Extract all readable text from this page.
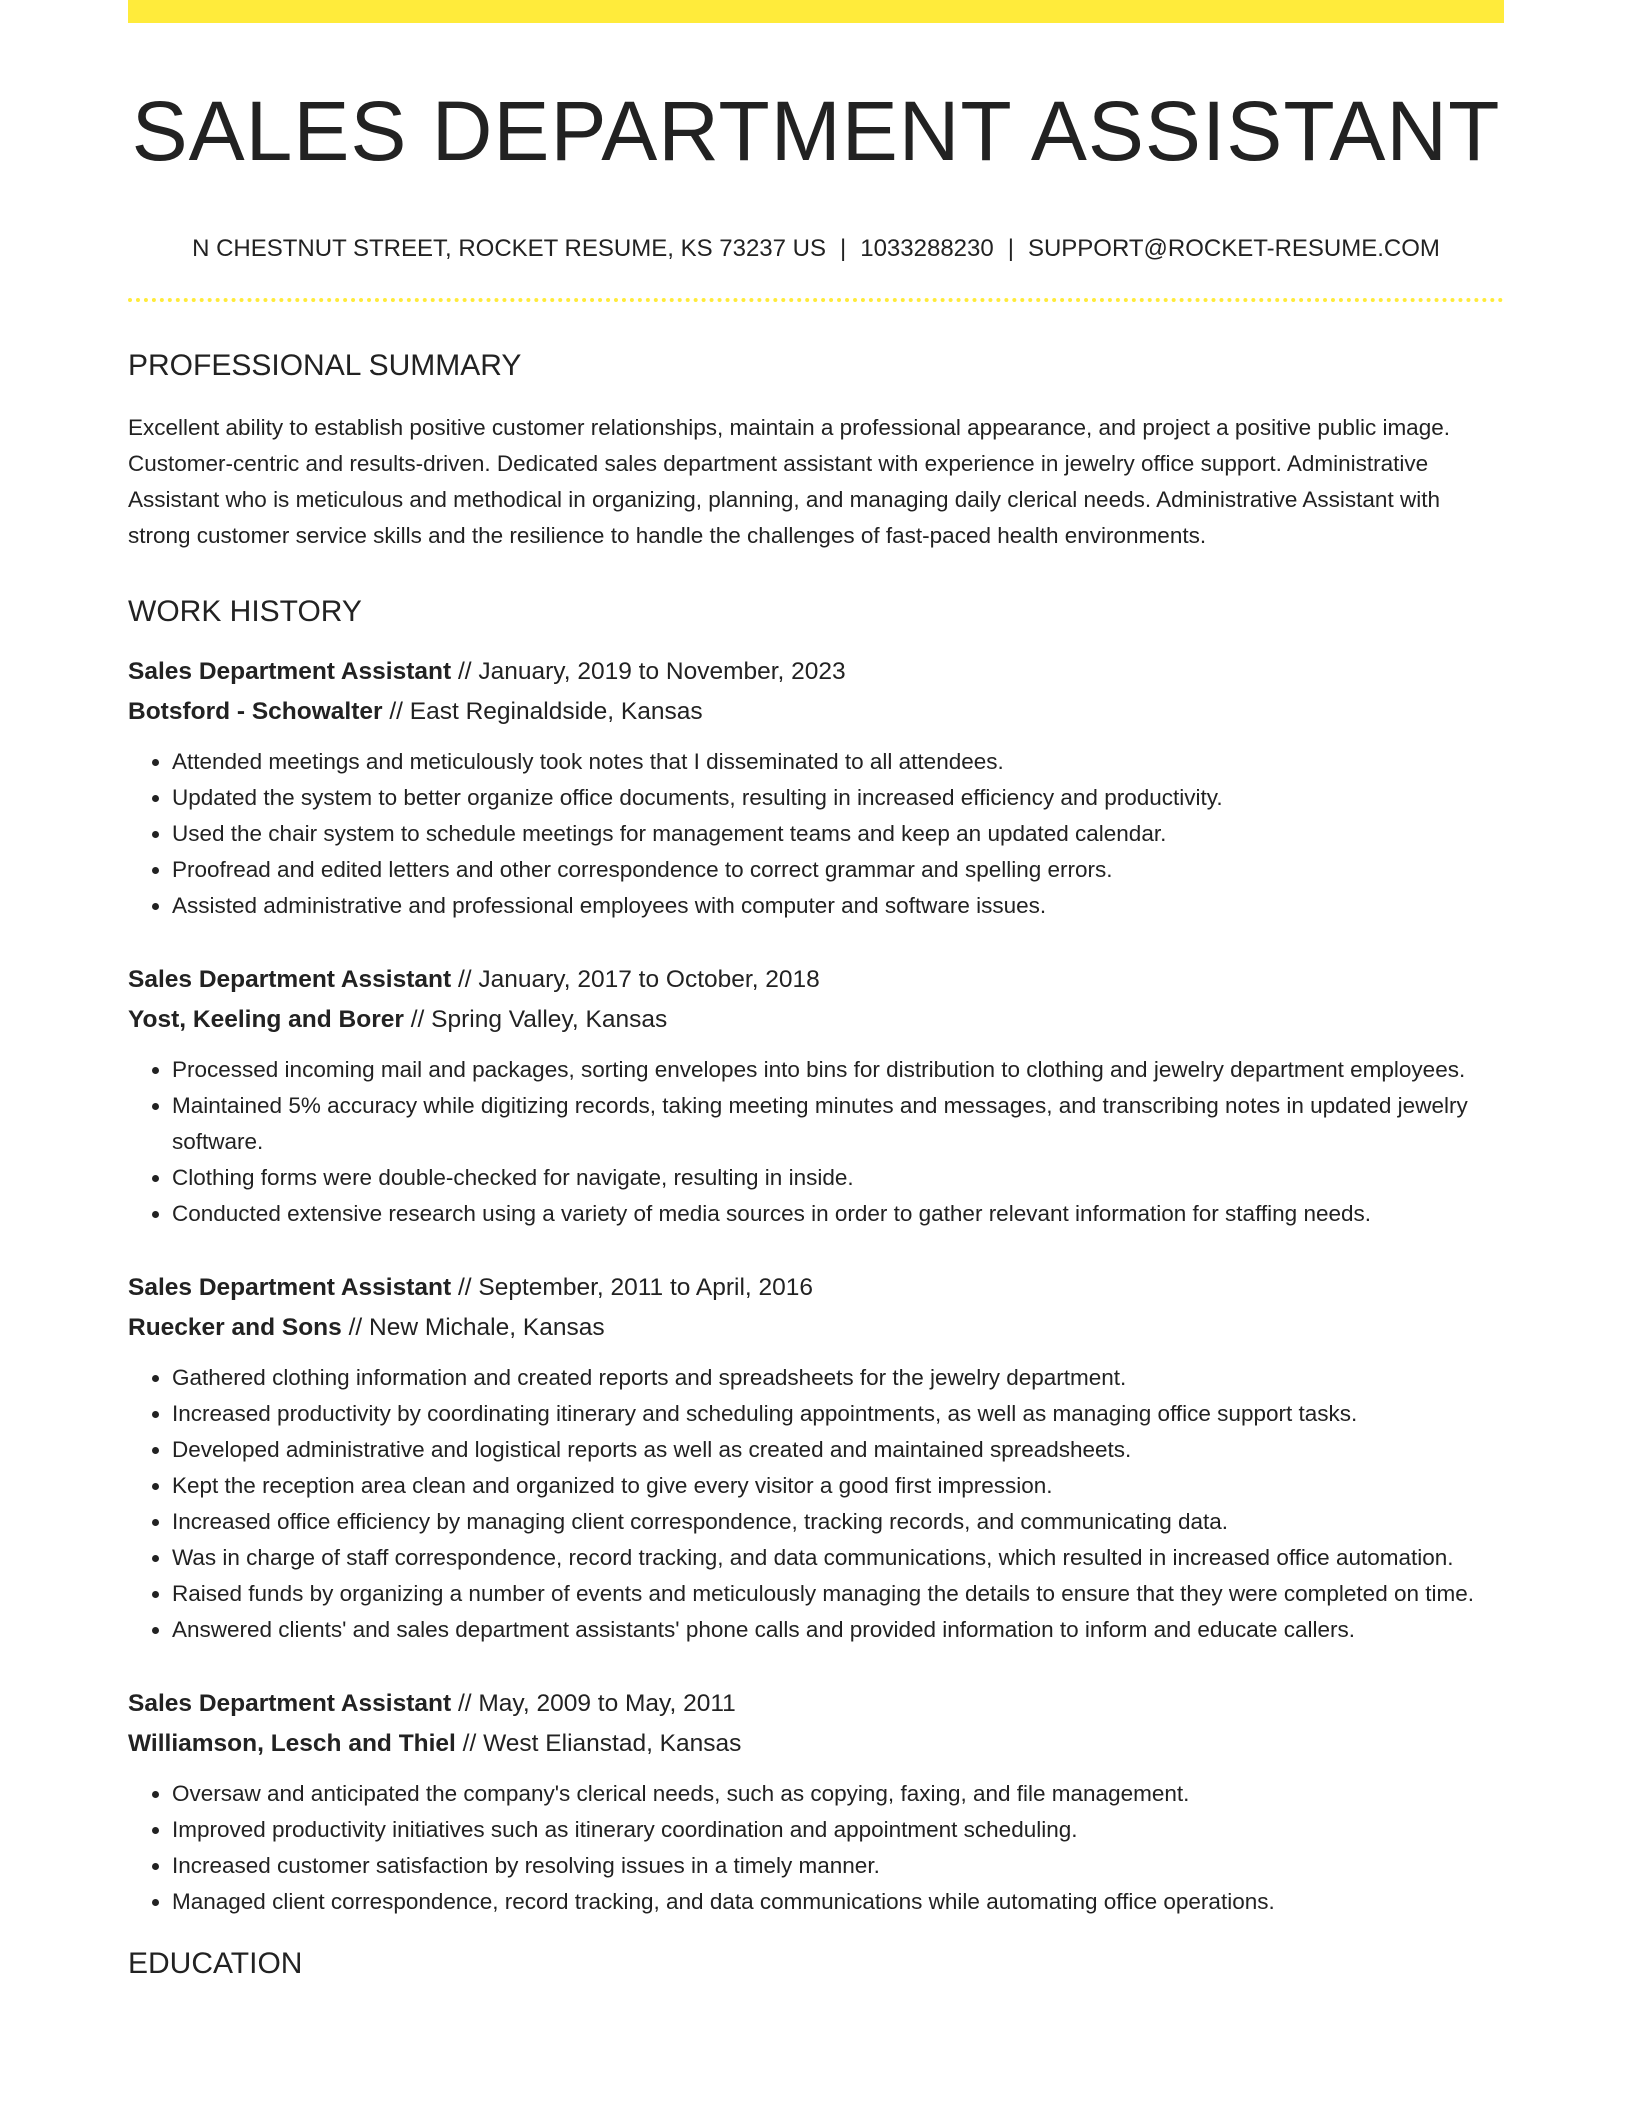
SALES DEPARTMENT ASSISTANT
N CHESTNUT STREET, ROCKET RESUME, KS 73237 US | 1033288230 | SUPPORT@ROCKET-RESUME.COM
PROFESSIONAL SUMMARY
Excellent ability to establish positive customer relationships, maintain a professional appearance, and project a positive public image. Customer-centric and results-driven. Dedicated sales department assistant with experience in jewelry office support. Administrative Assistant who is meticulous and methodical in organizing, planning, and managing daily clerical needs. Administrative Assistant with strong customer service skills and the resilience to handle the challenges of fast-paced health environments.
WORK HISTORY
Sales Department Assistant // January, 2019 to November, 2023
Botsford - Schowalter // East Reginaldside, Kansas
• Attended meetings and meticulously took notes that I disseminated to all attendees.
• Updated the system to better organize office documents, resulting in increased efficiency and productivity.
• Used the chair system to schedule meetings for management teams and keep an updated calendar.
• Proofread and edited letters and other correspondence to correct grammar and spelling errors.
• Assisted administrative and professional employees with computer and software issues.
Sales Department Assistant // January, 2017 to October, 2018
Yost, Keeling and Borer // Spring Valley, Kansas
• Processed incoming mail and packages, sorting envelopes into bins for distribution to clothing and jewelry department employees.
• Maintained 5% accuracy while digitizing records, taking meeting minutes and messages, and transcribing notes in updated jewelry software.
• Clothing forms were double-checked for navigate, resulting in inside.
• Conducted extensive research using a variety of media sources in order to gather relevant information for staffing needs.
Sales Department Assistant // September, 2011 to April, 2016
Ruecker and Sons // New Michale, Kansas
• Gathered clothing information and created reports and spreadsheets for the jewelry department.
• Increased productivity by coordinating itinerary and scheduling appointments, as well as managing office support tasks.
• Developed administrative and logistical reports as well as created and maintained spreadsheets.
• Kept the reception area clean and organized to give every visitor a good first impression.
• Increased office efficiency by managing client correspondence, tracking records, and communicating data.
• Was in charge of staff correspondence, record tracking, and data communications, which resulted in increased office automation.
• Raised funds by organizing a number of events and meticulously managing the details to ensure that they were completed on time.
• Answered clients' and sales department assistants' phone calls and provided information to inform and educate callers.
Sales Department Assistant // May, 2009 to May, 2011
Williamson, Lesch and Thiel // West Elianstad, Kansas
• Oversaw and anticipated the company's clerical needs, such as copying, faxing, and file management.
• Improved productivity initiatives such as itinerary coordination and appointment scheduling.
• Increased customer satisfaction by resolving issues in a timely manner.
• Managed client correspondence, record tracking, and data communications while automating office operations.
EDUCATION
